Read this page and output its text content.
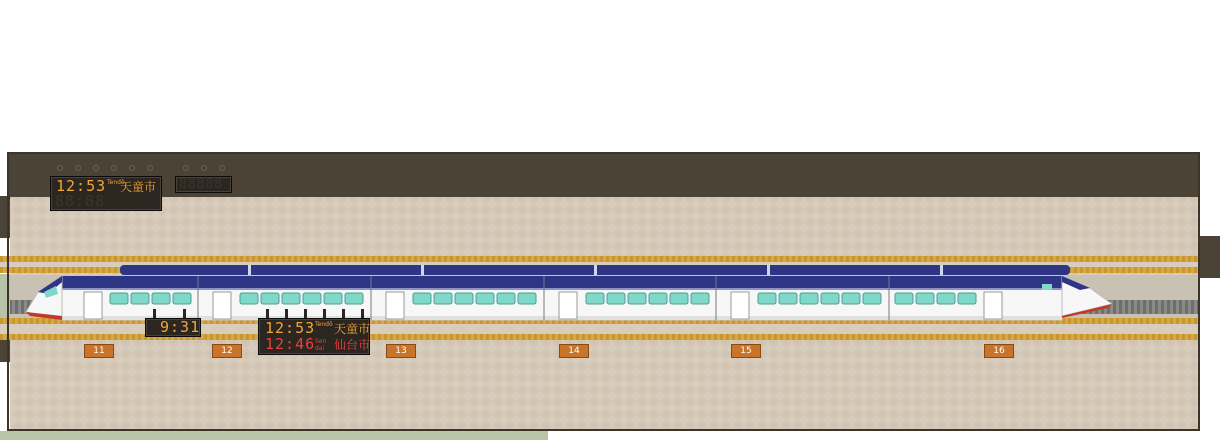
88:88
12:53 Tendō
天童市 88888
9:31	12:53 Tendō 天童市
12:46 Sen dai 仙台市
11	12	13	14	15	16
